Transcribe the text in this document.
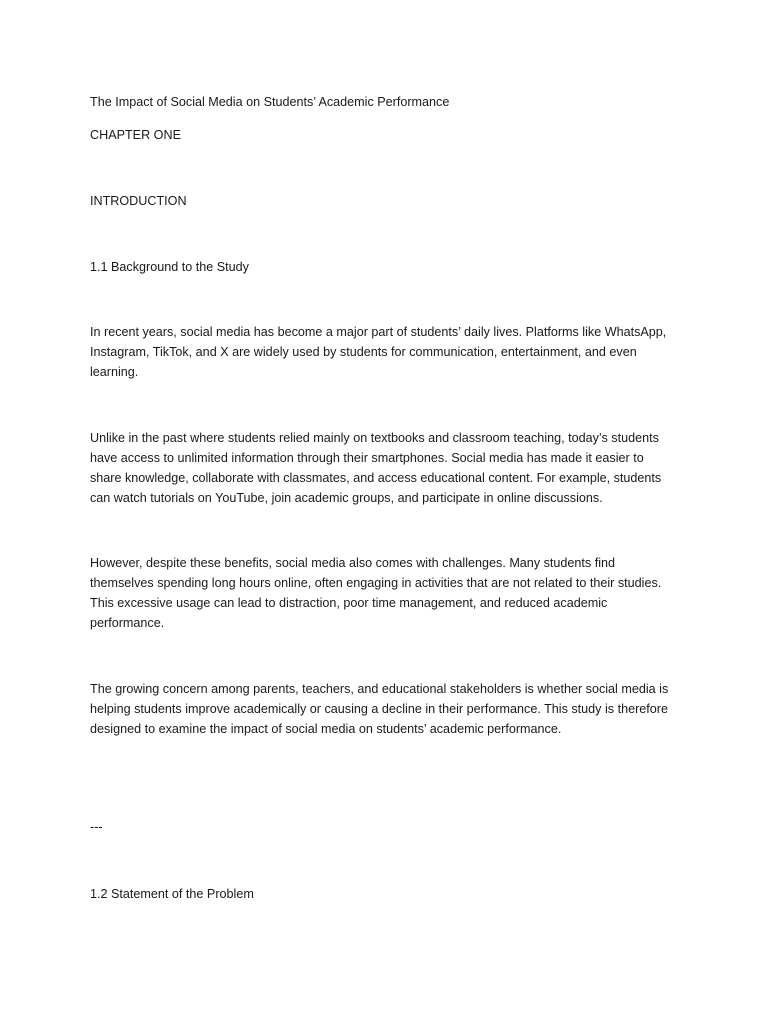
The Impact of Social Media on Students’ Academic Performance

CHAPTER ONE

INTRODUCTION

1.1 Background to the Study

In recent years, social media has become a major part of students’ daily lives. Platforms like WhatsApp,
Instagram, TikTok, and X are widely used by students for communication, entertainment, and even
learning.
Unlike in the past where students relied mainly on textbooks and classroom teaching, today’s students
have access to unlimited information through their smartphones. Social media has made it easier to
share knowledge, collaborate with classmates, and access educational content. For example, students
can watch tutorials on YouTube, join academic groups, and participate in online discussions.
However, despite these benefits, social media also comes with challenges. Many students find
themselves spending long hours online, often engaging in activities that are not related to their studies.
This excessive usage can lead to distraction, poor time management, and reduced academic
performance.
The growing concern among parents, teachers, and educational stakeholders is whether social media is
helping students improve academically or causing a decline in their performance. This study is therefore
designed to examine the impact of social media on students’ academic performance.

---

1.2 Statement of the Problem
